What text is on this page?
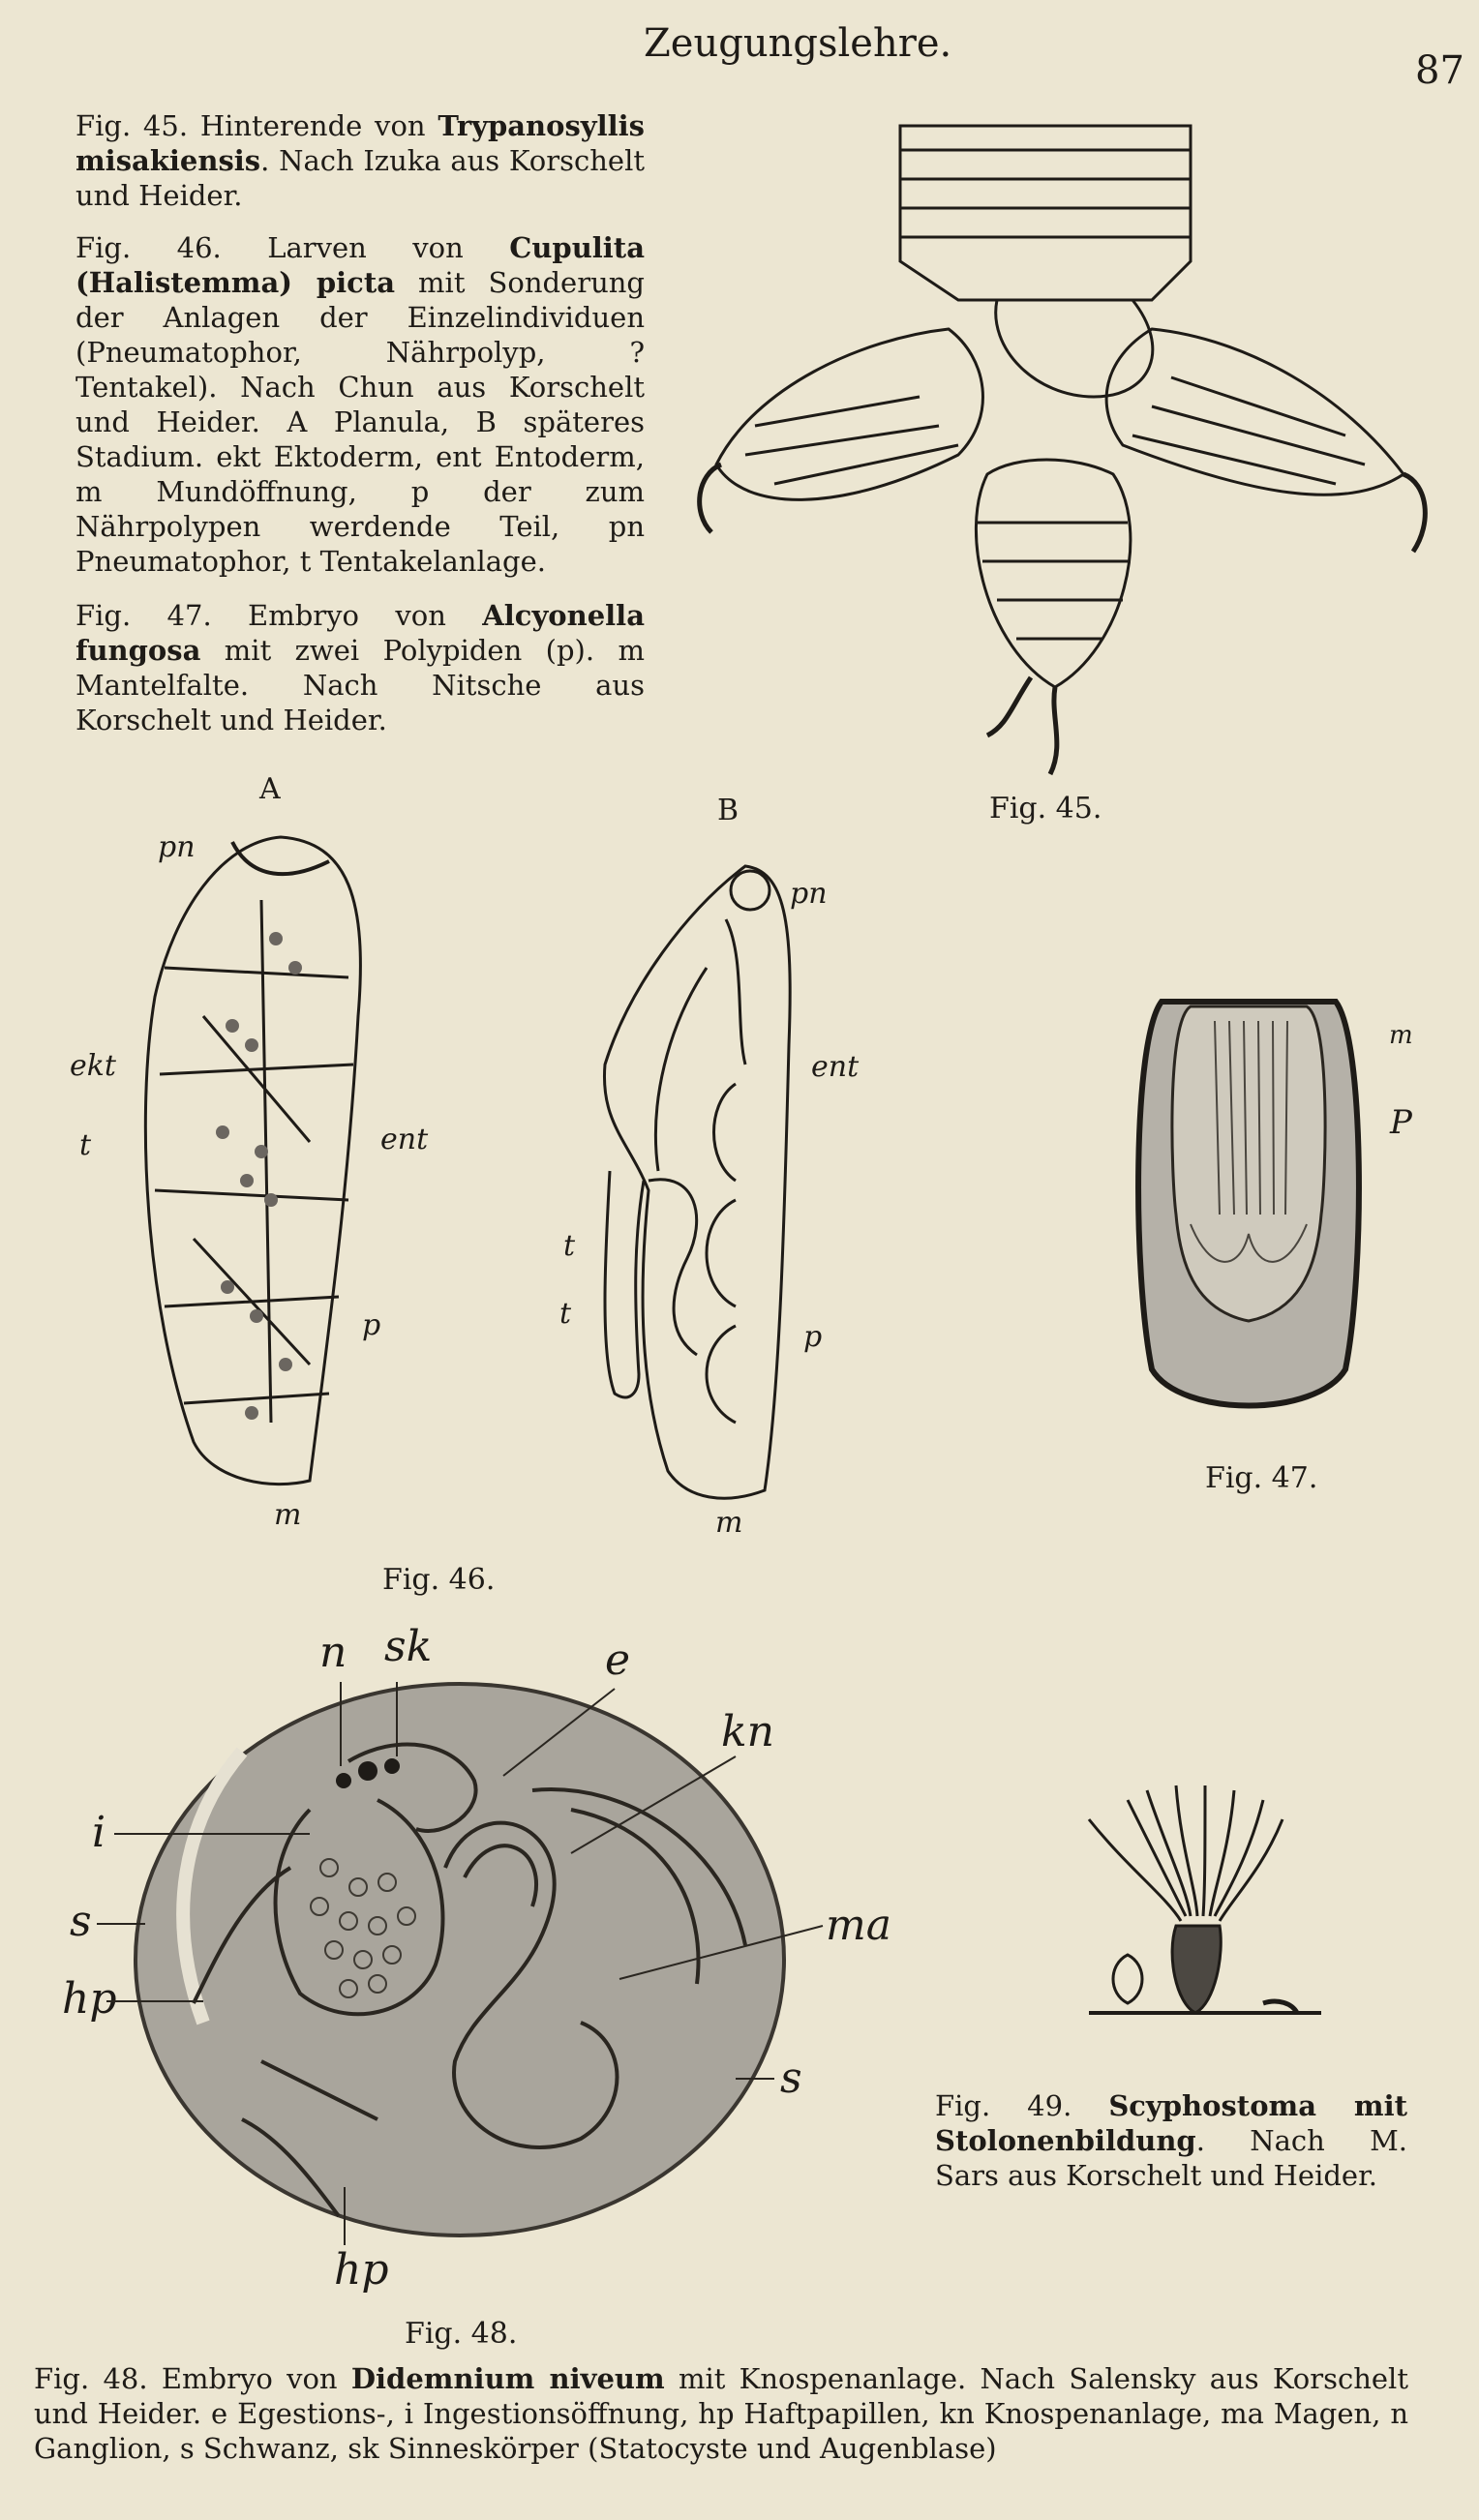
Zeugungslehre.
87
Fig. 45. Hinterende von Trypanosyllis misakiensis. Nach Izuka aus Korschelt und Heider.
Fig. 46. Larven von Cupulita (Halistemma) picta mit Sonderung der Anlagen der Einzelindividuen (Pneumatophor, Nährpolyp, ? Tentakel). Nach Chun aus Korschelt und Heider. A Planula, B späteres Stadium. ekt Ektoderm, ent Entoderm, m Mundöffnung, p der zum Nährpolypen werdende Teil, pn Pneumatophor, t Tentakelanlage.
Fig. 47. Embryo von Alcyonella fungosa mit zwei Polypiden (p). m Mantelfalte. Nach Nitsche aus Korschelt und Heider.
Fig. 45.
A
B
pn
ekt
t	ent
p
m
pn
ent
t
t
p
m
Fig. 46.
m
P
Fig. 47.
n sk	e
kn
i
s	ma
hp
s
hp
Fig. 48.
Fig. 49. Scyphostoma mit Stolonenbildung. Nach M. Sars aus Korschelt und Heider.
Fig. 48. Embryo von Didemnium niveum mit Knospenanlage. Nach Salensky aus Korschelt und Heider. e Egestions-, i Ingestionsöffnung, hp Haftpapillen, kn Knospenanlage, ma Magen, n Ganglion, s Schwanz, sk Sinneskörper (Statocyste und Augenblase)
